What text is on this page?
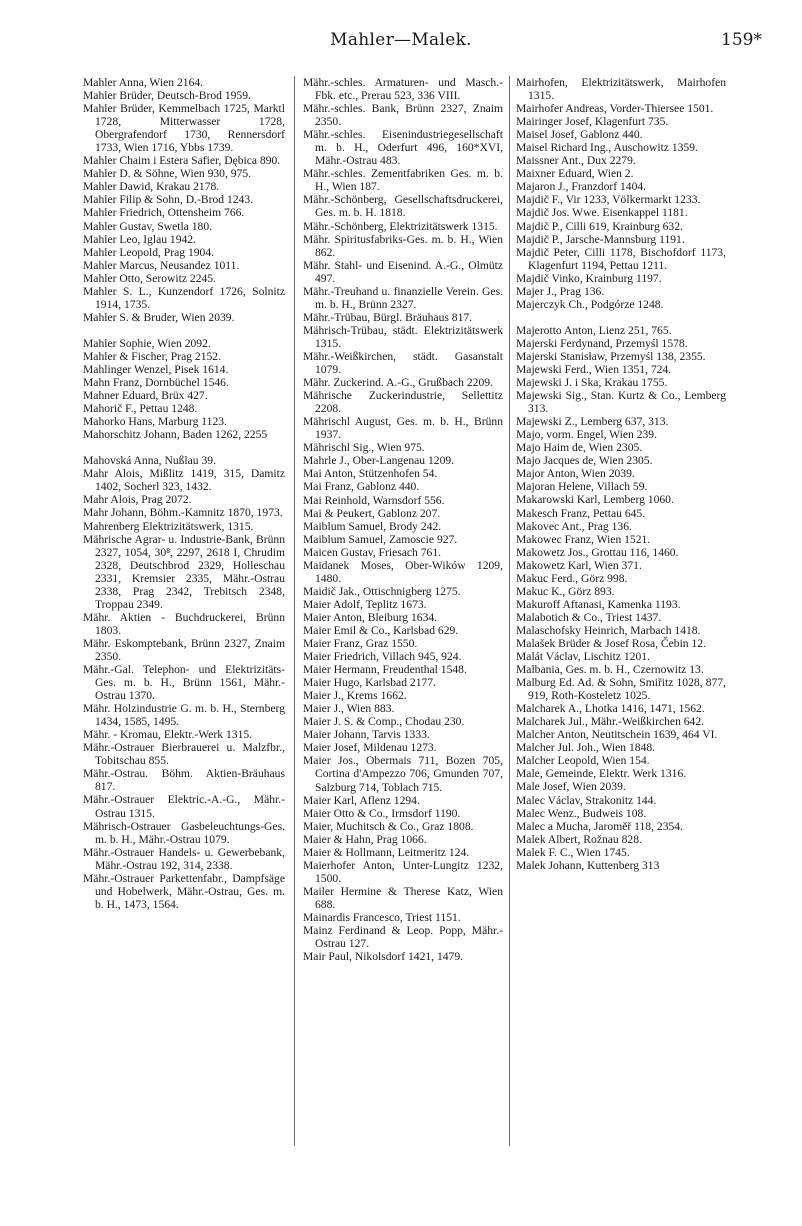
Mahler—Malek.	159*
Mahler Anna, Wien 2164.
Mahler Brüder, Deutsch-Brod 1959.
Mahler Brüder, Kemmelbach 1725, Marktl 1728, Mitterwasser 1728, Obergrafendorf 1730, Rennersdorf 1733, Wien 1716, Ybbs 1739.
Mahler Chaim i Estera Safier, Dębica 890.
Mahler D. & Söhne, Wien 930, 975.
Mahler Dawid, Krakau 2178.
Mahler Filip & Sohn, D.-Brod 1243.
Mahler Friedrich, Ottensheim 766.
Mahler Gustav, Swetla 180.
Mahler Leo, Iglau 1942.
Mahler Leopold, Prag 1904.
Mahler Marcus, Neusandez 1011.
Mahler Otto, Serowitz 2245.
Mahler S. L., Kunzendorf 1726, Solnitz 1914, 1735.
Mahler S. & Bruder, Wien 2039.
Mahler Sophie, Wien 2092.
Mahler & Fischer, Prag 2152.
Mahlinger Wenzel, Pisek 1614.
Mahn Franz, Dornbüchel 1546.
Mahner Eduard, Brüx 427.
Mahorič F., Pettau 1248.
Mahorko Hans, Marburg 1123.
Mahorschitz Johann, Baden 1262, 2255
Mahovská Anna, Nußlau 39.
Mahr Alois, Mißlitz 1419, 315, Damitz 1402, Socherl 323, 1432.
Mahr Alois, Prag 2072.
Mahr Johann, Böhm.-Kamnitz 1870, 1973.
Mahrenberg Elektrizitätswerk, 1315.
Mährische Agrar- u. Industrie-Bank, Brünn 2327, 1054, 30⁸, 2297, 2618 I, Chrudim 2328, Deutschbrod 2329, Holleschau 2331, Kremsier 2335, Mähr.-Ostrau 2338, Prag 2342, Trebitsch 2348, Troppau 2349.
Mähr. Aktien - Buchdruckerei, Brünn 1803.
Mähr. Eskomptebank, Brünn 2327, Znaim 2350.
Mähr.-Gal. Telephon- und Elektrizitäts-Ges. m. b. H., Brünn 1561, Mähr.-Ostrau 1370.
Mähr. Holzindustrie G. m. b. H., Sternberg 1434, 1585, 1495.
Mähr. - Kromau, Elektr.-Werk 1315.
Mähr.-Ostrauer Bierbrauerei u. Malzfbr., Tobitschau 855.
Mähr.-Ostrau. Böhm. Aktien-Bräuhaus 817.
Mähr.-Ostrauer Elektric.-A.-G., Mähr.-Ostrau 1315.
Mährisch-Ostrauer Gasbeleuchtungs-Ges. m. b. H., Mähr.-Ostrau 1079.
Mähr.-Ostrauer Handels- u. Gewerbebank, Mähr.-Ostrau 192, 314, 2338.
Mähr.-Ostrauer Parkettenfabr., Dampfsäge und Hobelwerk, Mähr.-Ostrau, Ges. m. b. H., 1473, 1564.
Mähr.-schles. Armaturen- und Masch.-Fbk. etc., Prerau 523, 336 VIII.
Mähr.-schles. Bank, Brünn 2327, Znaim 2350.
Mähr.-schles. Eisenindustriegesellschaft m. b. H., Oderfurt 496, 160*XVI, Mähr.-Ostrau 483.
Mähr.-schles. Zementfabriken Ges. m. b. H., Wien 187.
Mähr.-Schönberg, Gesellschaftsdruckerei, Ges. m. b. H. 1818.
Mähr.-Schönberg, Elektrizitätswerk 1315.
Mähr. Spiritusfabriks-Ges. m. b. H., Wien 862.
Mähr. Stahl- und Eisenind. A.-G., Olmütz 497.
Mähr.-Treuhand u. finanzielle Verein. Ges. m. b. H., Brünn 2327.
Mähr.-Trübau, Bürgl. Bräuhaus 817.
Mährisch-Trübau, städt. Elektrizitätswerk 1315.
Mähr.-Weißkirchen, städt. Gasanstalt 1079.
Mähr. Zuckerind. A.-G., Grußbach 2209.
Mährische Zuckerindustrie, Sellettitz 2208.
Mährischl August, Ges. m. b. H., Brünn 1937.
Mährischl Sig., Wien 975.
Mahrle J., Ober-Langenau 1209.
Mai Anton, Stützenhofen 54.
Mai Franz, Gablonz 440.
Mai Reinhold, Warnsdorf 556.
Mai & Peukert, Gablonz 207.
Maiblum Samuel, Brody 242.
Maiblum Samuel, Zamoscie 927.
Maicen Gustav, Friesach 761.
Maidanek Moses, Ober-Wików 1209, 1480.
Maidič Jak., Ottischnigberg 1275.
Maier Adolf, Teplitz 1673.
Maier Anton, Bleiburg 1634.
Maier Emil & Co., Karlsbad 629.
Maier Franz, Graz 1550.
Maier Friedrich, Villach 945, 924.
Maier Hermann, Freudenthal 1548.
Maier Hugo, Karlsbad 2177.
Maier J., Krems 1662.
Maier J., Wien 883.
Maier J. S. & Comp., Chodau 230.
Maier Johann, Tarvis 1333.
Maier Josef, Mildenau 1273.
Maier Jos., Obermais 711, Bozen 705, Cortina d'Ampezzo 706, Gmunden 707, Salzburg 714, Toblach 715.
Maier Karl, Aflenz 1294.
Maier Otto & Co., Irmsdorf 1190.
Maier, Muchitsch & Co., Graz 1808.
Maier & Hahn, Prag 1066.
Maier & Hollmann, Leitmeritz 124.
Maierhofer Anton, Unter-Lungitz 1232, 1500.
Mailer Hermine & Therese Katz, Wien 688.
Mainardis Francesco, Triest 1151.
Mainz Ferdinand & Leop. Popp, Mähr.-Ostrau 127.
Mair Paul, Nikolsdorf 1421, 1479.
Mairhofen, Elektrizitätswerk, Mairhofen 1315.
Mairhofer Andreas, Vorder-Thiersee 1501.
Mairinger Josef, Klagenfurt 735.
Maisel Josef, Gablonz 440.
Maisel Richard Ing., Auschowitz 1359.
Maissner Ant., Dux 2279.
Maixner Eduard, Wien 2.
Majaron J., Franzdorf 1404.
Majdič F., Vir 1233, Völkermarkt 1233.
Majdič Jos. Wwe. Eisenkappel 1181.
Majdič P., Cilli 619, Krainburg 632.
Majdič P., Jarsche-Mannsburg 1191.
Majdič Peter, Cilli 1178, Bischofdorf 1173, Klagenfurt 1194, Pettau 1211.
Majdič Vinko, Krainburg 1197.
Majer J., Prag 136.
Majerczyk Ch., Podgórze 1248.
Majerotto Anton, Lienz 251, 765.
Majerski Ferdynand, Przemyśl 1578.
Majerski Stanisław, Przemyśl 138, 2355.
Majewski Ferd., Wien 1351, 724.
Majewski J. i Ska, Krakau 1755.
Majewski Sig., Stan. Kurtz & Co., Lemberg 313.
Majewski Z., Lemberg 637, 313.
Majo, vorm. Engel, Wien 239.
Majo Haim de, Wien 2305.
Majo Jacques de, Wien 2305.
Major Anton, Wien 2039.
Majoran Helene, Villach 59.
Makarowski Karl, Lemberg 1060.
Makesch Franz, Pettau 645.
Makovec Ant., Prag 136.
Makowec Franz, Wien 1521.
Makowetz Jos., Grottau 116, 1460.
Makowetz Karl, Wien 371.
Makuc Ferd., Görz 998.
Makuc K., Görz 893.
Makuroff Aftanasi, Kamenka 1193.
Malabotich & Co., Triest 1437.
Malaschofsky Heinrich, Marbach 1418.
Malašek Brüder & Josef Rosa, Čebin 12.
Malát Václav, Lischitz 1201.
Malbania, Ges. m. b. H., Czernowitz 13.
Malburg Ed. Ad. & Sohn, Smiřitz 1028, 877, 919, Roth-Kosteletz 1025.
Malcharek A., Lhotka 1416, 1471, 1562.
Malcharek Jul., Mähr.-Weißkirchen 642.
Malcher Anton, Neutitschein 1639, 464 VI.
Malcher Jul. Joh., Wien 1848.
Malcher Leopold, Wien 154.
Male, Gemeinde, Elektr. Werk 1316.
Male Josef, Wien 2039.
Malec Václav, Strakonitz 144.
Malec Wenz., Budweis 108.
Malec a Mucha, Jaroměř 118, 2354.
Malek Albert, Rožnau 828.
Malek F. C., Wien 1745.
Malek Johann, Kuttenberg 313
